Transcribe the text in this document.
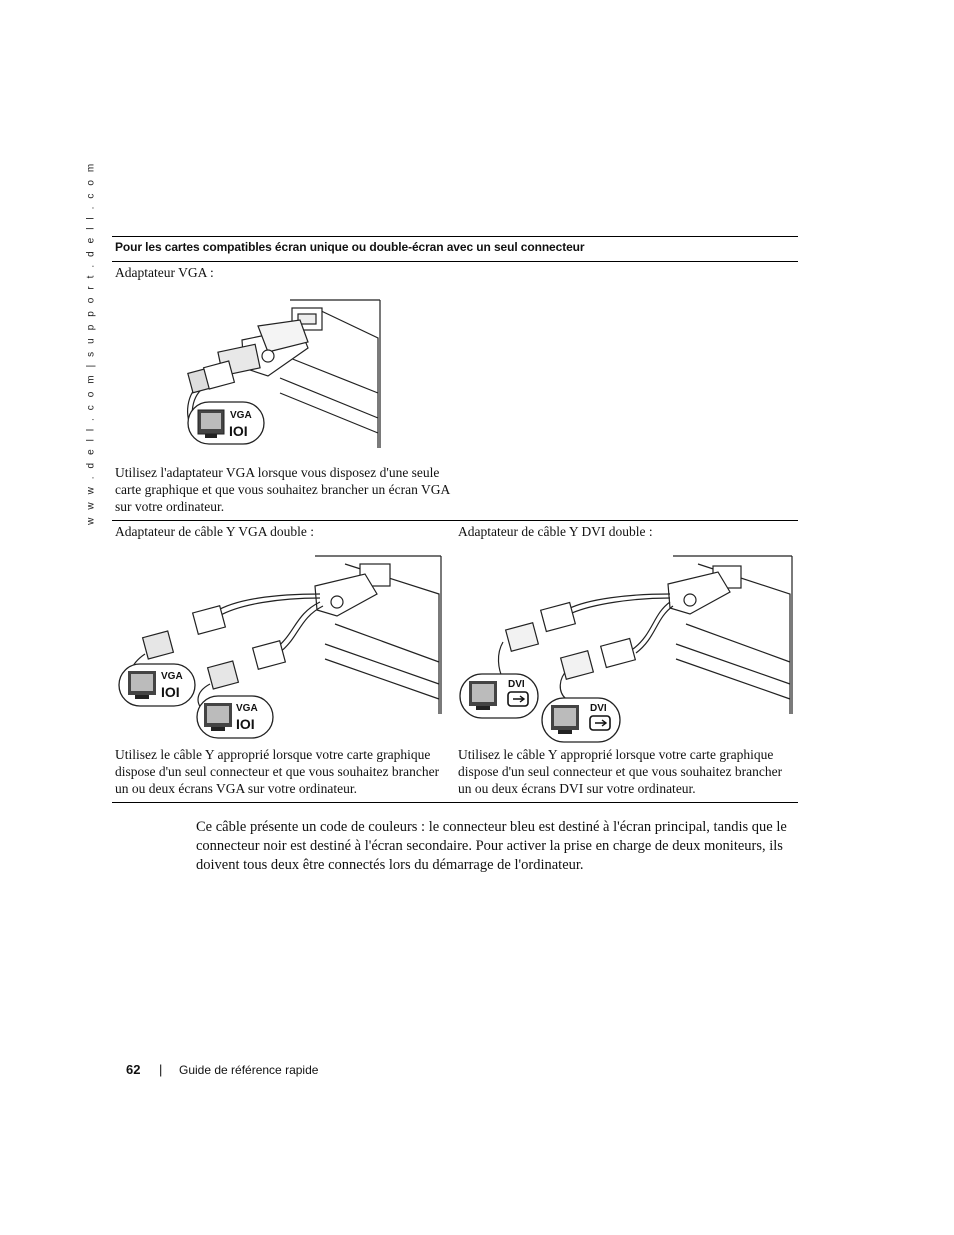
w w w . d e l l . c o m | s u p p o r t . d e l l . c o m Pour les cartes compatibles écran unique ou double-écran avec un seul connecteur
Adaptateur VGA :
VGA
IOI
Utilisez l'adaptateur VGA lorsque vous disposez d'une seule carte graphique et que vous souhaitez brancher un écran VGA sur votre ordinateur.
Adaptateur de câble Y VGA double :
VGA
IOI
VGA
IOI
Utilisez le câble Y approprié lorsque votre carte graphique dispose d'un seul connecteur et que vous souhaitez brancher un ou deux écrans VGA sur votre ordinateur.
Adaptateur de câble Y DVI double :
DVI
DVI
Utilisez le câble Y approprié lorsque votre carte graphique dispose d'un seul connecteur et que vous souhaitez brancher un ou deux écrans DVI sur votre ordinateur.
Ce câble présente un code de couleurs : le connecteur bleu est destiné à l'écran principal, tandis que le connecteur noir est destiné à l'écran secondaire. Pour activer la prise en charge de deux moniteurs, ils doivent tous deux être connectés lors du démarrage de l'ordinateur.
62 | Guide de référence rapide
